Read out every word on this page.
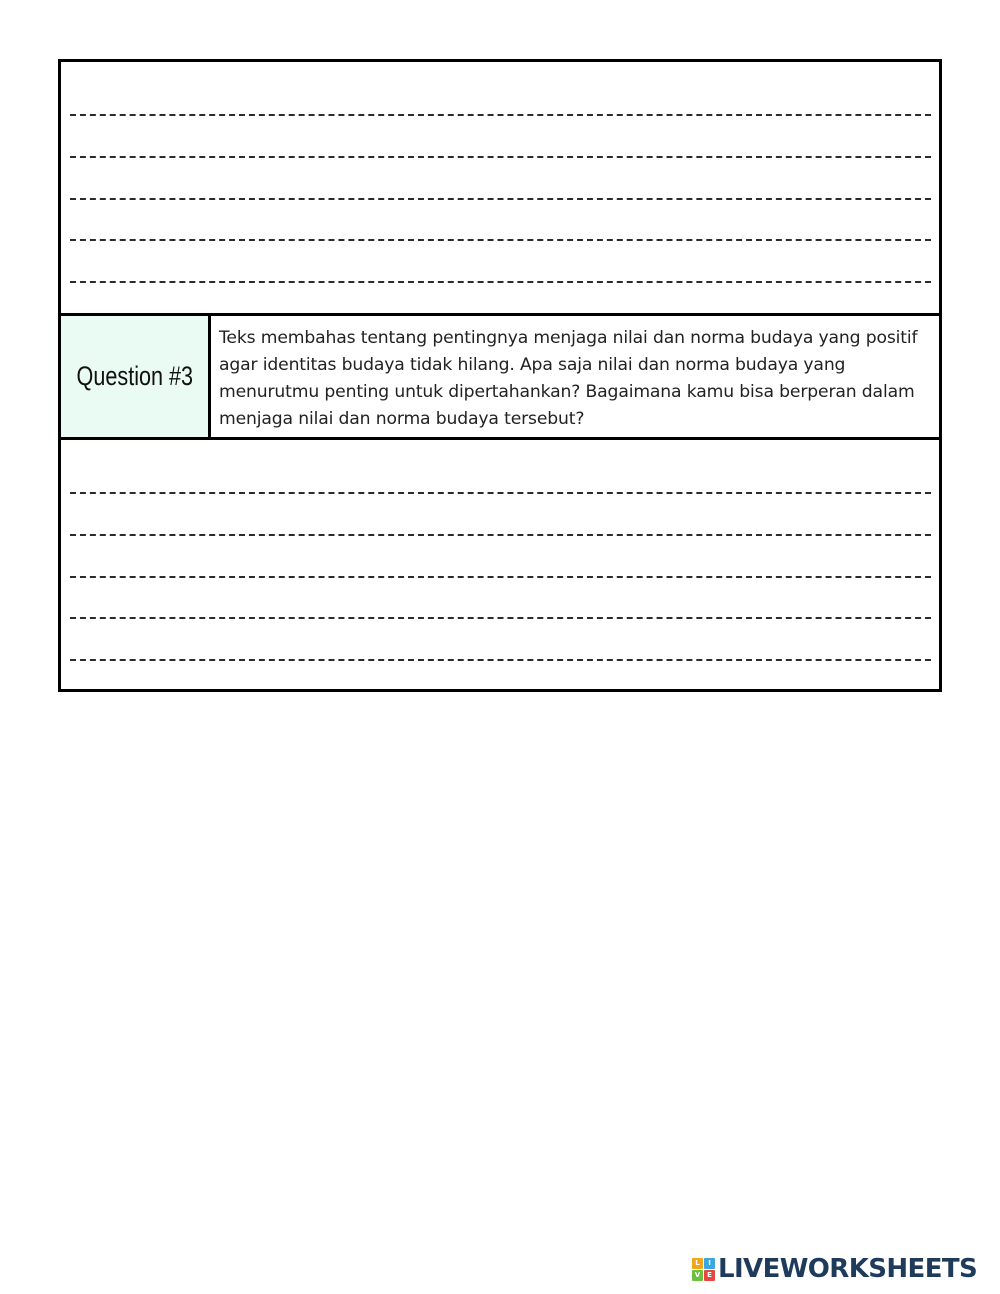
Question #3
Teks membahas tentang pentingnya menjaga nilai dan norma budaya yang positif agar identitas budaya tidak hilang. Apa saja nilai dan norma budaya yang menurutmu penting untuk dipertahankan? Bagaimana kamu bisa berperan dalam menjaga nilai dan norma budaya tersebut?
L	I
V E LIVEWORKSHEETS
